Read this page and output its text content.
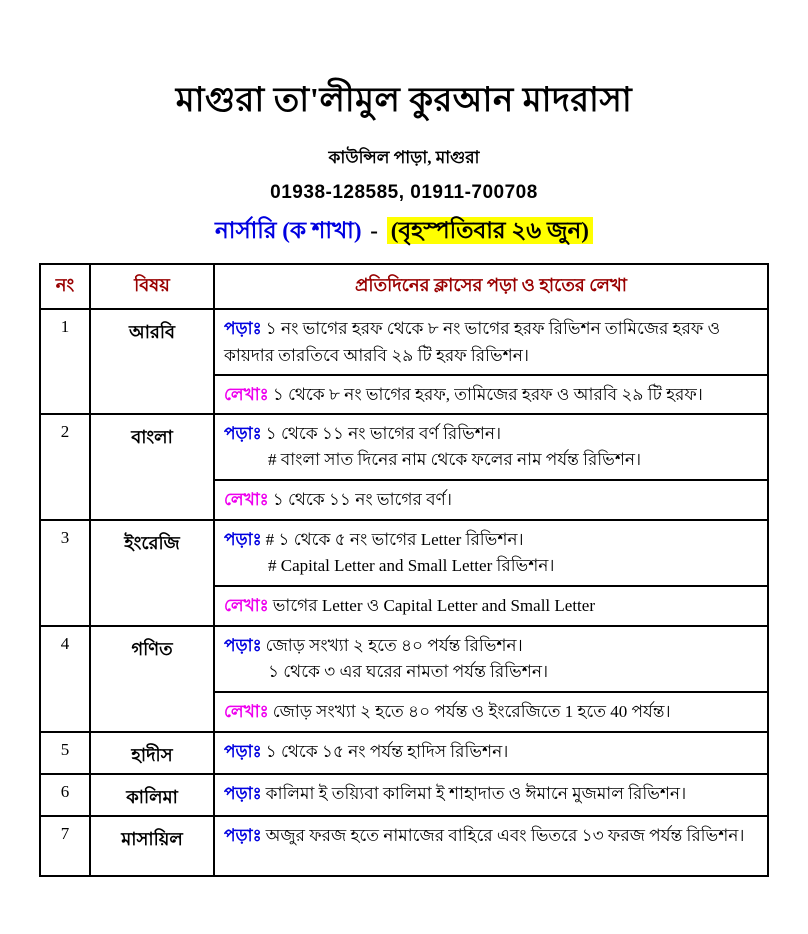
মাগুরা তা'লীমুল কুরআন মাদরাসা
কাউন্সিল পাড়া, মাগুরা
01938-128585, 01911-700708
নার্সারি (ক শাখা) - (বৃহস্পতিবার ২৬ জুন)
নং	বিষয়	প্রতিদিনের ক্লাসের পড়া ও হাতের লেখা
1	আরবি	পড়াঃ ১ নং ভাগের হরফ থেকে ৮ নং ভাগের হরফ রিভিশন তামিজের হরফ ও কায়দার তারতিবে আরবি ২৯ টি হরফ রিভিশন।
		লেখাঃ ১ থেকে ৮ নং ভাগের হরফ, তামিজের হরফ ও আরবি ২৯ টি হরফ।
2	বাংলা	পড়াঃ ১ থেকে ১১ নং ভাগের বর্ণ রিভিশন।
# বাংলা সাত দিনের নাম থেকে ফলের নাম পর্যন্ত রিভিশন।

		লেখাঃ ১ থেকে ১১ নং ভাগের বর্ণ।
3	ইংরেজি	পড়াঃ # ১ থেকে ৫ নং ভাগের Letter রিভিশন।
# Capital Letter and Small Letter রিভিশন।

		লেখাঃ ভাগের Letter ও Capital Letter and Small Letter
4	গণিত	পড়াঃ জোড় সংখ্যা ২ হতে ৪০ পর্যন্ত রিভিশন।
১ থেকে ৩ এর ঘরের নামতা পর্যন্ত রিভিশন।

		লেখাঃ জোড় সংখ্যা ২ হতে ৪০ পর্যন্ত ও ইংরেজিতে 1 হতে 40 পর্যন্ত।
5	হাদীস	পড়াঃ ১ থেকে ১৫ নং পর্যন্ত হাদিস রিভিশন।
6	কালিমা	পড়াঃ কালিমা ই তয়্যিবা কালিমা ই শাহাদাত ও ঈমানে মুজমাল রিভিশন।
7	মাসায়িল	পড়াঃ অজুর ফরজ হতে নামাজের বাহিরে এবং ভিতরে ১৩ ফরজ পর্যন্ত রিভিশন।
